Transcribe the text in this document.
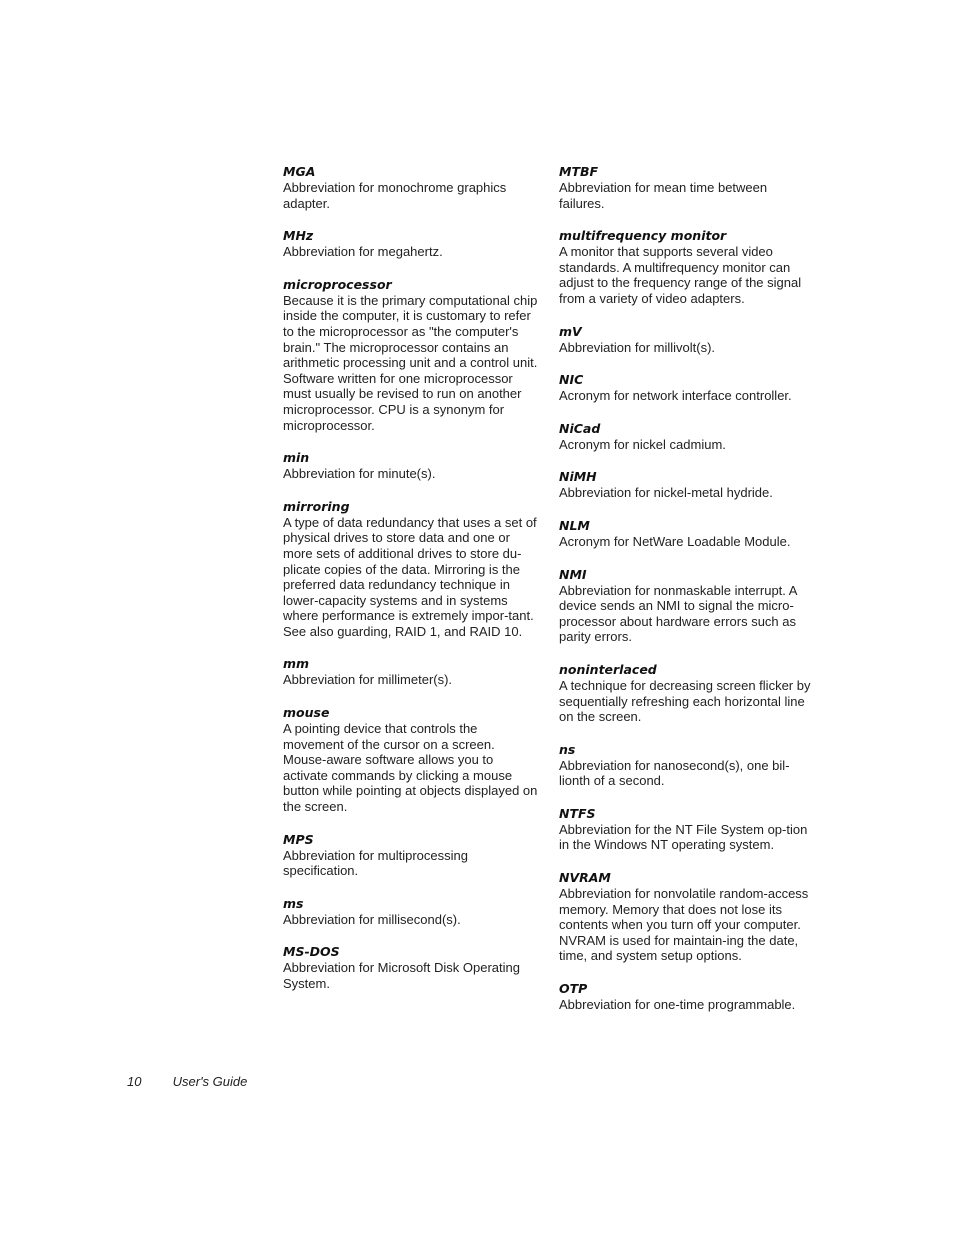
MGA

Abbreviation for monochrome graphics adapter.

MHz

Abbreviation for megahertz.

microprocessor

Because it is the primary computational chip inside the computer, it is customary to refer to the microprocessor as "the computer's brain." The microprocessor contains an arithmetic processing unit and a control unit. Software written for one microprocessor must usually be revised to run on another microprocessor. CPU is a synonym for microprocessor.

min

Abbreviation for minute(s).

mirroring

A type of data redundancy that uses a set of physical drives to store data and one or more sets of additional drives to store du-plicate copies of the data. Mirroring is the preferred data redundancy technique in lower-capacity systems and in systems where performance is extremely impor-tant. See also guarding, RAID 1, and RAID 10.

mm

Abbreviation for millimeter(s).

mouse

A pointing device that controls the movement of the cursor on a screen. Mouse-aware software allows you to activate commands by clicking a mouse button while pointing at objects displayed on the screen.

MPS

Abbreviation for multiprocessing specification.

ms

Abbreviation for millisecond(s).

MS-DOS

Abbreviation for Microsoft Disk Operating System.

MTBF

Abbreviation for mean time between failures.

multifrequency monitor

A monitor that supports several video standards. A multifrequency monitor can adjust to the frequency range of the signal from a variety of video adapters.

mV

Abbreviation for millivolt(s).

NIC

Acronym for network interface controller.

NiCad

Acronym for nickel cadmium.

NiMH

Abbreviation for nickel-metal hydride.

NLM

Acronym for NetWare Loadable Module.

NMI

Abbreviation for nonmaskable interrupt. A device sends an NMI to signal the micro-processor about hardware errors such as parity errors.

noninterlaced

A technique for decreasing screen flicker by sequentially refreshing each horizontal line on the screen.

ns

Abbreviation for nanosecond(s), one bil-lionth of a second.

NTFS

Abbreviation for the NT File System op-tion in the Windows NT operating system.

NVRAM

Abbreviation for nonvolatile random-access memory. Memory that does not lose its contents when you turn off your computer. NVRAM is used for maintain-ing the date, time, and system setup options.

OTP

Abbreviation for one-time programmable.

10 User's Guide
